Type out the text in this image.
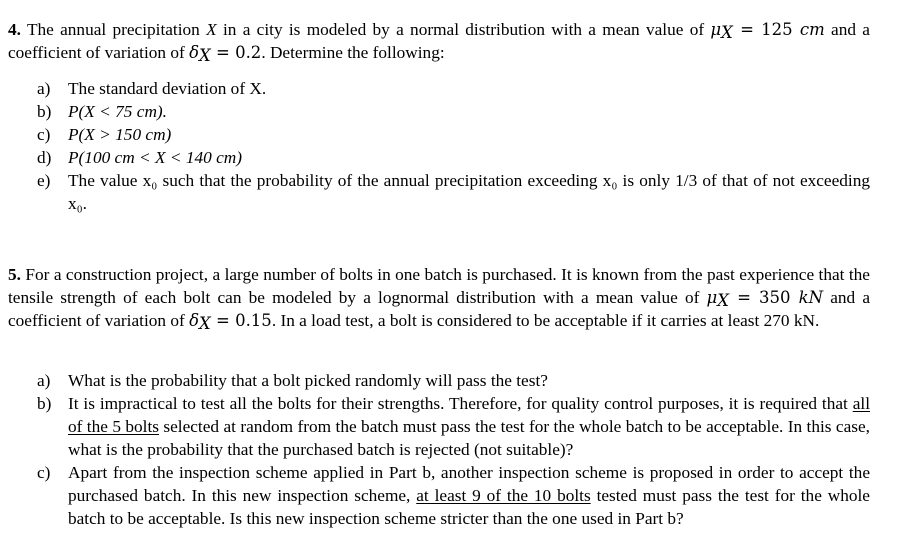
4. The annual precipitation X in a city is modeled by a normal distribution with a mean value of $\mu_X = 125$ cm and a coefficient of variation of $\delta_X = 0.2$. Determine the following:

a) The standard deviation of X.
b) P(X < 75 cm).
c) P(X > 150 cm)
d) P(100 cm < X < 140 cm)
e) The value x₀ such that the probability of the annual precipitation exceeding x₀ is only 1/3 of that of not exceeding x₀.

5. For a construction project, a large number of bolts in one batch is purchased. It is known from the past experience that the tensile strength of each bolt can be modeled by a lognormal distribution with a mean value of $\mu_X = 350$ kN and a coefficient of variation of $\delta_X = 0.15$. In a load test, a bolt is considered to be acceptable if it carries at least 270 kN.

a) What is the probability that a bolt picked randomly will pass the test?
b) It is impractical to test all the bolts for their strengths. Therefore, for quality control purposes, it is required that all of the 5 bolts selected at random from the batch must pass the test for the whole batch to be acceptable. In this case, what is the probability that the purchased batch is rejected (not suitable)?
c) Apart from the inspection scheme applied in Part b, another inspection scheme is proposed in order to accept the purchased batch. In this new inspection scheme, at least 9 of the 10 bolts tested must pass the test for the whole batch to be acceptable. Is this new inspection scheme stricter than the one used in Part b?
